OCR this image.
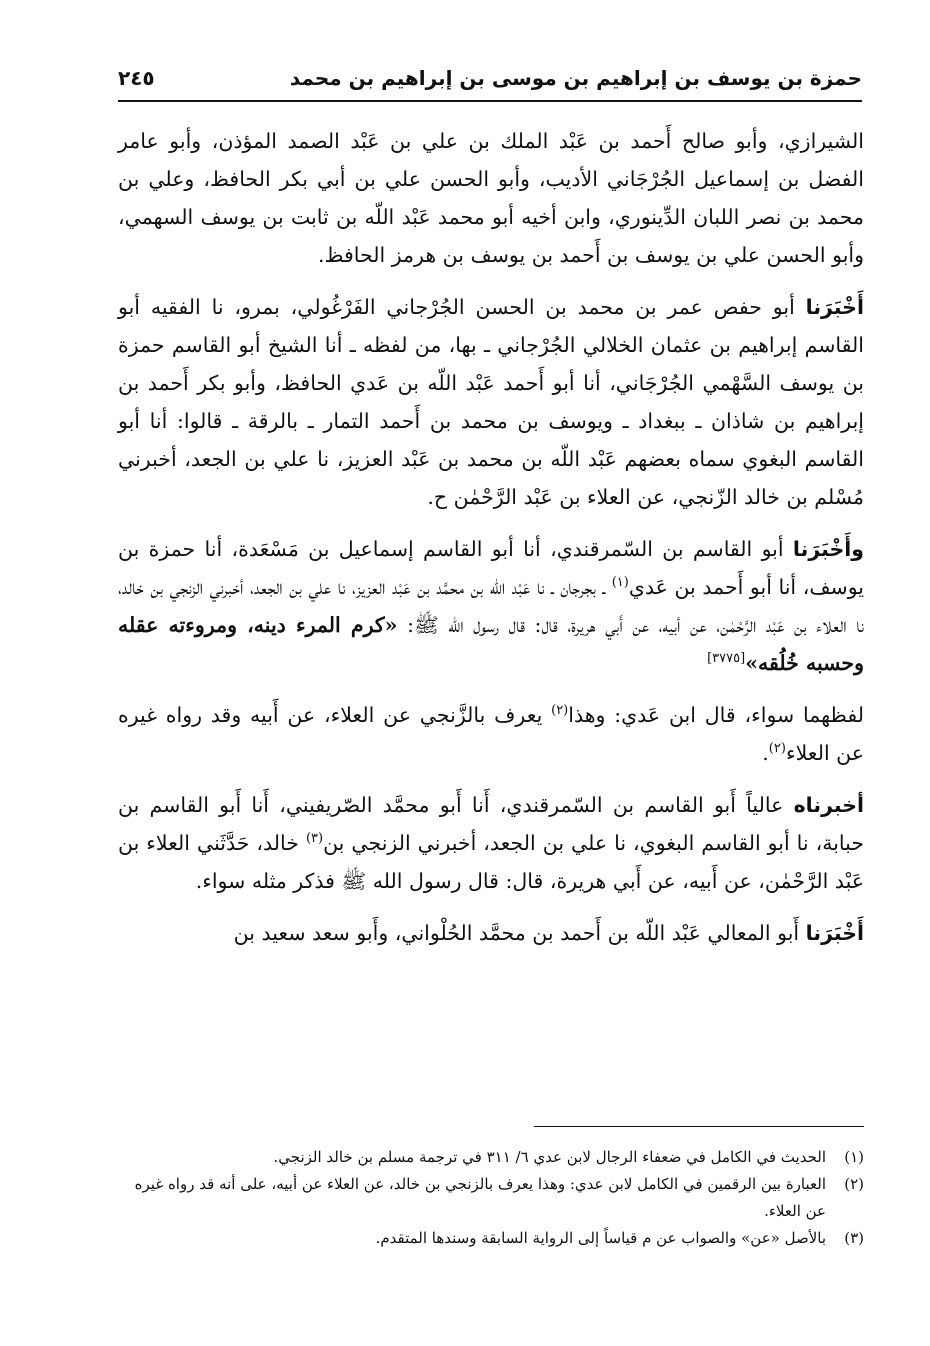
حمزة بن يوسف بن إبراهيم بن موسى بن إبراهيم بن محمد
٢٤٥

الشيرازي، وأبو صالح أَحمد بن عَبْد الملك بن علي بن عَبْد الصمد المؤذن، وأبو عامر الفضل بن إسماعيل الجُرْجَاني الأديب، وأبو الحسن علي بن أبي بكر الحافظ، وعلي بن محمد بن نصر اللبان الدِّينوري، وابن أخيه أبو محمد عَبْد اللّه بن ثابت بن يوسف السهمي، وأبو الحسن علي بن يوسف بن أَحمد بن يوسف بن هرمز الحافظ.

أَخْبَرَنا أبو حفص عمر بن محمد بن الحسن الجُرْجاني الفَرْغُولي، بمرو، نا الفقيه أبو القاسم إبراهيم بن عثمان الخلالي الجُرْجاني ـ بها، من لفظه ـ أنا الشيخ أبو القاسم حمزة بن يوسف السَّهْمي الجُرْجَاني، أنا أبو أَحمد عَبْد اللّه بن عَدي الحافظ، وأبو بكر أَحمد بن إبراهيم بن شاذان ـ ببغداد ـ ويوسف بن محمد بن أَحمد التمار ـ بالرقة ـ قالوا: أنا أبو القاسم البغوي سماه بعضهم عَبْد اللّه بن محمد بن عَبْد العزيز، نا علي بن الجعد، أخبرني مُسْلم بن خالد الزّنجي، عن العلاء بن عَبْد الرَّحْمٰن ح.

وأَخْبَرَنا أبو القاسم بن السّمرقندي، أنا أبو القاسم إسماعيل بن مَسْعَدة، أنا حمزة بن يوسف، أنا أبو أَحمد بن عَدي$^{(١)}$ ـ بجرجان ـ نا عَبْد اللّه بن محمَّد بن عَبْد العزيز، نا علي بن الجعد، أخبرني الزنجي بن خالد، نا العلاء بن عَبْد الرَّحْمٰن، عن أبيه، عن أَبي هريرة، قال: قال رسول الله ﷺ: «كرم المرء دينه، ومروءته عقله وحسبه خُلُقه»[٣٧٧٥]

لفظهما سواء، قال ابن عَدي: وهذا$^{(٢)}$ يعرف بالزَّنجي عن العلاء، عن أَبيه وقد رواه غيره عن العلاء$^{(٢)}$.

أخبرناه عالياً أَبو القاسم بن السّمرقندي، أَنا أَبو محمَّد الصّريفيني، أَنا أَبو القاسم بن حبابة، نا أبو القاسم البغوي، نا علي بن الجعد، أخبرني الزنجي بن$^{(٣)}$ خالد، حَدَّثَني العلاء بن عَبْد الرَّحْمٰن، عن أَبيه، عن أَبي هريرة، قال: قال رسول الله ﷺ فذكر مثله سواء.

أَخْبَرَنا أَبو المعالي عَبْد اللّه بن أَحمد بن محمَّد الحُلْواني، وأَبو سعد سعيد بن

(١)
الحديث في الكامل في ضعفاء الرجال لابن عدي ٦/ ٣١١ في ترجمة مسلم بن خالد الزنجي.
(٢)
العبارة بين الرقمين في الكامل لابن عدي: وهذا يعرف بالزنجي بن خالد، عن العلاء عن أبيه، على أنه قد رواه غيره عن العلاء.
(٣)
بالأصل «عن» والصواب عن م قياساً إلى الرواية السابقة وسندها المتقدم.
